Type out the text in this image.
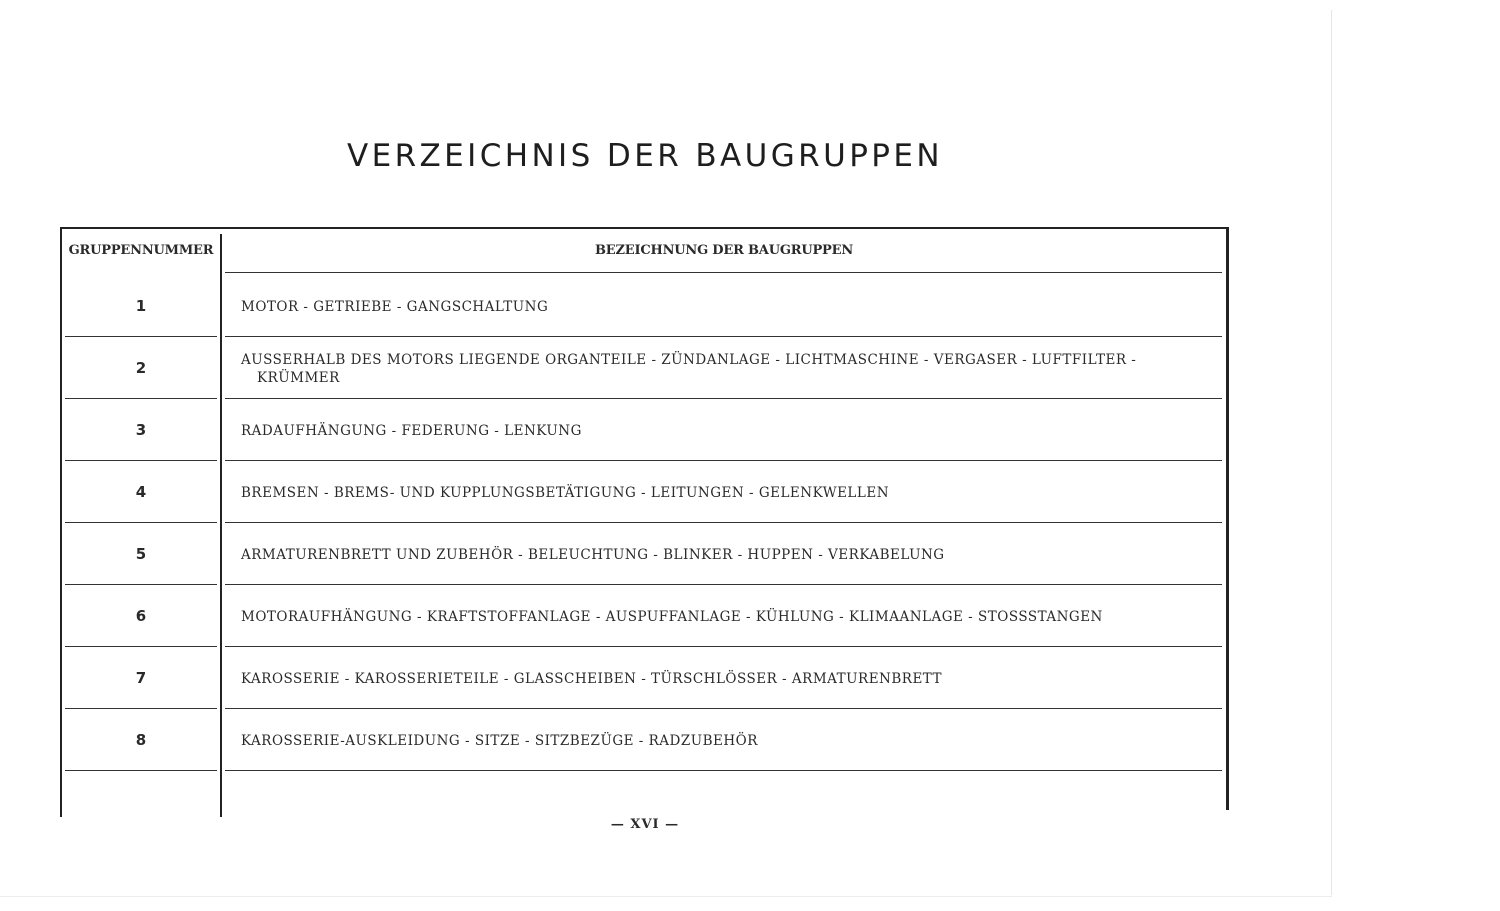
VERZEICHNIS DER BAUGRUPPEN
GRUPPENNUMMER	BEZEICHNUNG DER BAUGRUPPEN
1	MOTOR - GETRIEBE - GANGSCHALTUNG
2	AUSSERHALB DES MOTORS LIEGENDE ORGANTEILE - ZÜNDANLAGE - LICHTMASCHINE - VERGASER - LUFTFILTER -
KRÜMMER
3	RADAUFHÄNGUNG - FEDERUNG - LENKUNG
4	BREMSEN - BREMS- UND KUPPLUNGSBETÄTIGUNG - LEITUNGEN - GELENKWELLEN
5	ARMATURENBRETT UND ZUBEHÖR - BELEUCHTUNG - BLINKER - HUPPEN - VERKABELUNG
6	MOTORAUFHÄNGUNG - KRAFTSTOFFANLAGE - AUSPUFFANLAGE - KÜHLUNG - KLIMAANLAGE - STOSSSTANGEN
7	KAROSSERIE - KAROSSERIETEILE - GLASSCHEIBEN - TÜRSCHLÖSSER - ARMATURENBRETT
8	KAROSSERIE-AUSKLEIDUNG - SITZE - SITZBEZÜGE - RADZUBEHÖR
— XVI —
